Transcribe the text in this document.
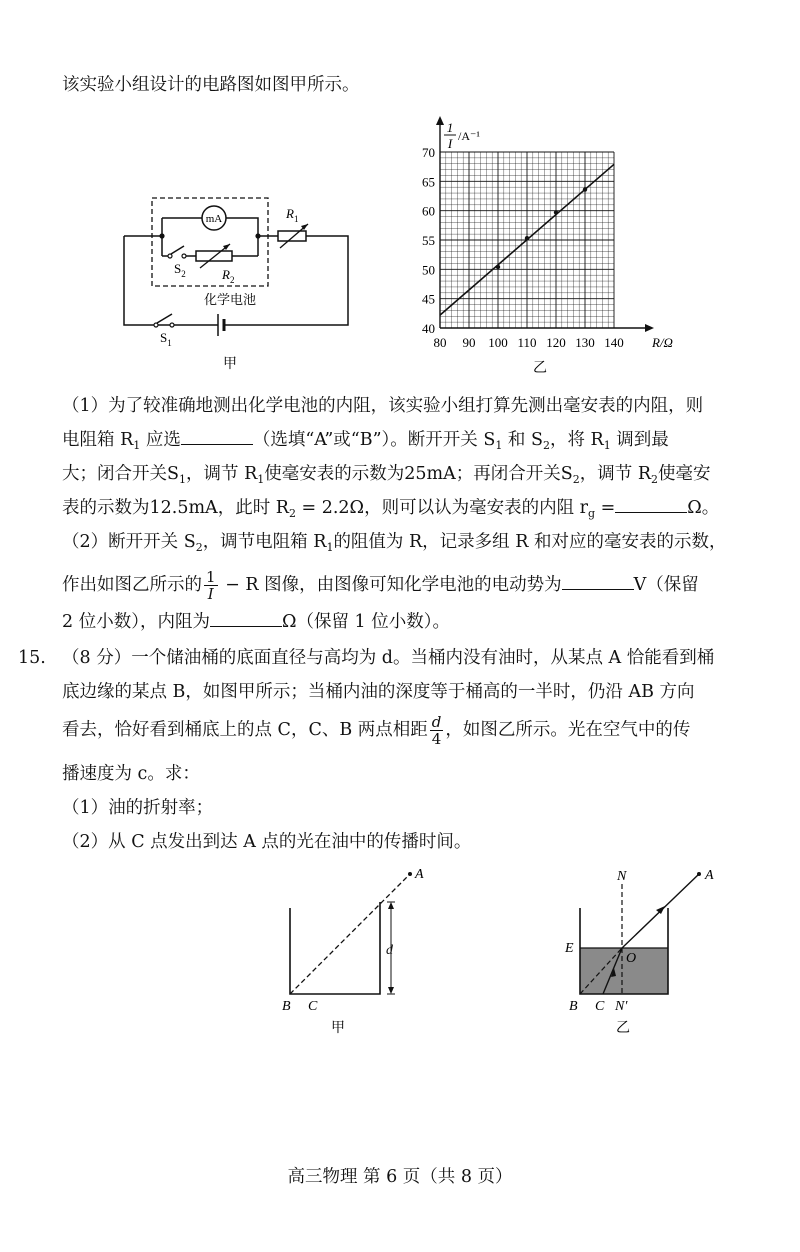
该实验小组设计的电路图如图甲所示。
mA
$S_2$	$R_2$
$R_1$
化学电池
$S_1$
甲
80 90 100 110 120 130 140
40
45
50
55
60
65
70
1
I /A⁻¹
R/Ω
乙
（1）为了较准确地测出化学电池的内阻，该实验小组打算先测出毫安表的内阻，则
电阻箱 $R_1$ 应选	（选填“A”或“B”）。断开开关 $S_1$ 和 $S_2$，将 $R_1$ 调到最
大；闭合开关$S_1$，调节 $R_1$使毫安表的示数为25mA；再闭合开关$S_2$，调节 $R_2$使毫安
表的示数为12.5mA，此时 $R_2 = 2.2\Omega$，则可以认为毫安表的内阻 $r_g$ =	Ω。
（2）断开开关 $S_2$，调节电阻箱 $R_1$的阻值为 R，记录多组 R 和对应的毫安表的示数，
作出如图乙所示的 $\frac{1}{I} - R$ 图像，由图像可知化学电池的电动势为	V（保留
2 位小数），内阻为	Ω（保留 1 位小数）。
15. （8 分）一个储油桶的底面直径与高均为 d。当桶内没有油时，从某点 A 恰能看到桶
底边缘的某点 B，如图甲所示；当桶内油的深度等于桶高的一半时，仍沿 AB 方向
看去，恰好看到桶底上的点 C，C、B 两点相距 $\frac{d}{4}$ ，如图乙所示。光在空气中的传
播速度为 c。求：
（1）油的折射率；
（2）从 C 点发出到达 A 点的光在油中的传播时间。
A
d
B C
甲
A
N
E
O
B C N′
乙
高三物理 第 6 页（共 8 页）
